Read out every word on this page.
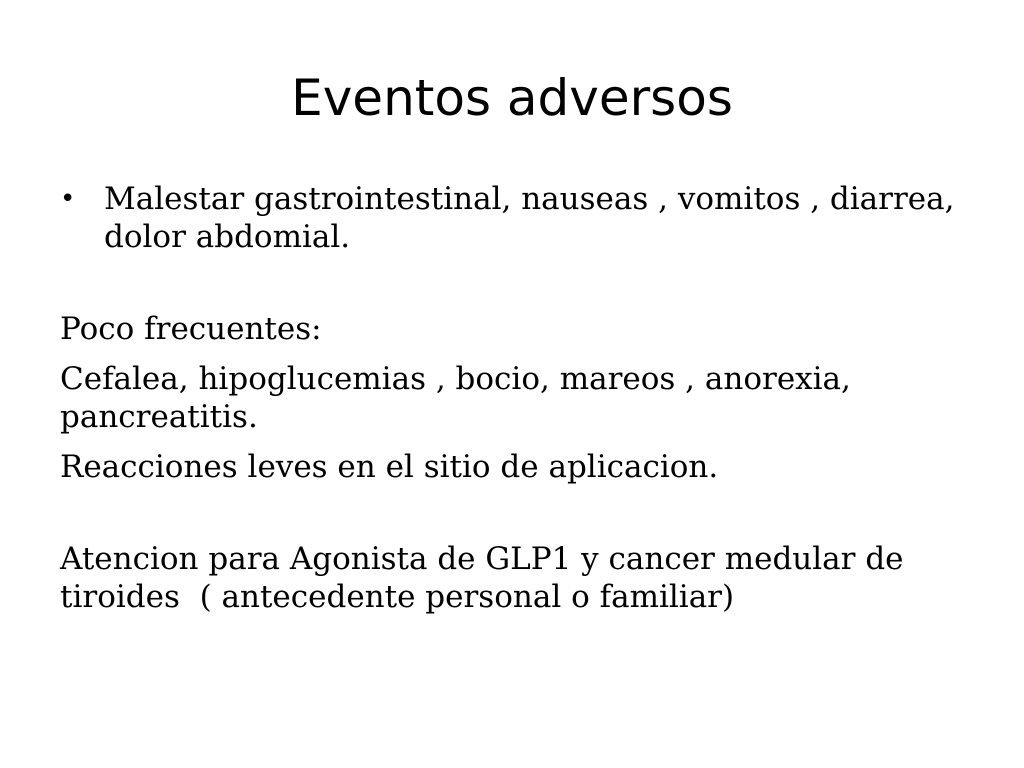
Eventos adversos
• Malestar gastrointestinal, nauseas , vomitos , diarrea, dolor abdomial.

Poco frecuentes:

Cefalea, hipoglucemias , bocio, mareos , anorexia, pancreatitis.

Reacciones leves en el sitio de aplicacion.

Atencion para Agonista de GLP1 y cancer medular de tiroides  ( antecedente personal o familiar)
